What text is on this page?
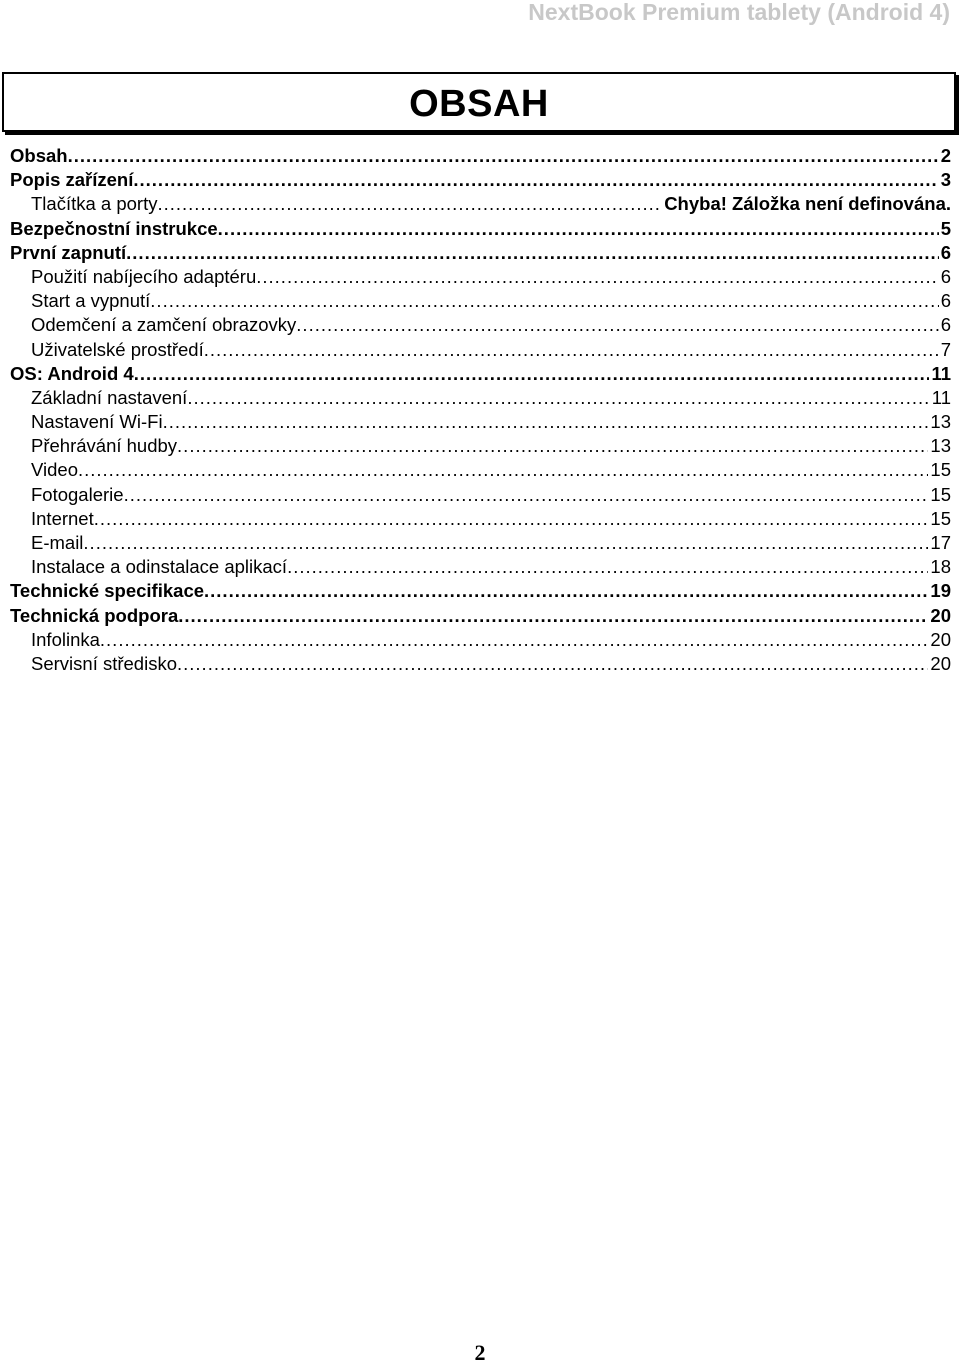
NextBook Premium tablety (Android 4)
OBSAH
Obsah .....	2
Popis zařízení .....	3
Tlačítka a porty .....	Chyba! Záložka není definována.
Bezpečnostní instrukce .....	5
První zapnutí .....	6
Použití nabíjecího adaptéru .....	6
Start a vypnutí .....	6
Odemčení a zamčení obrazovky .....	6
Uživatelské prostředí .....	7
OS: Android 4 .....	11
Základní nastavení .....	11
Nastavení Wi-Fi .....	13
Přehrávání hudby .....	13
Video .....	15
Fotogalerie .....	15
Internet .....	15
E-mail .....	17
Instalace a odinstalace aplikací .....	18
Technické specifikace .....	19
Technická podpora .....	20
Infolinka .....	20
Servisní středisko .....	20
2
